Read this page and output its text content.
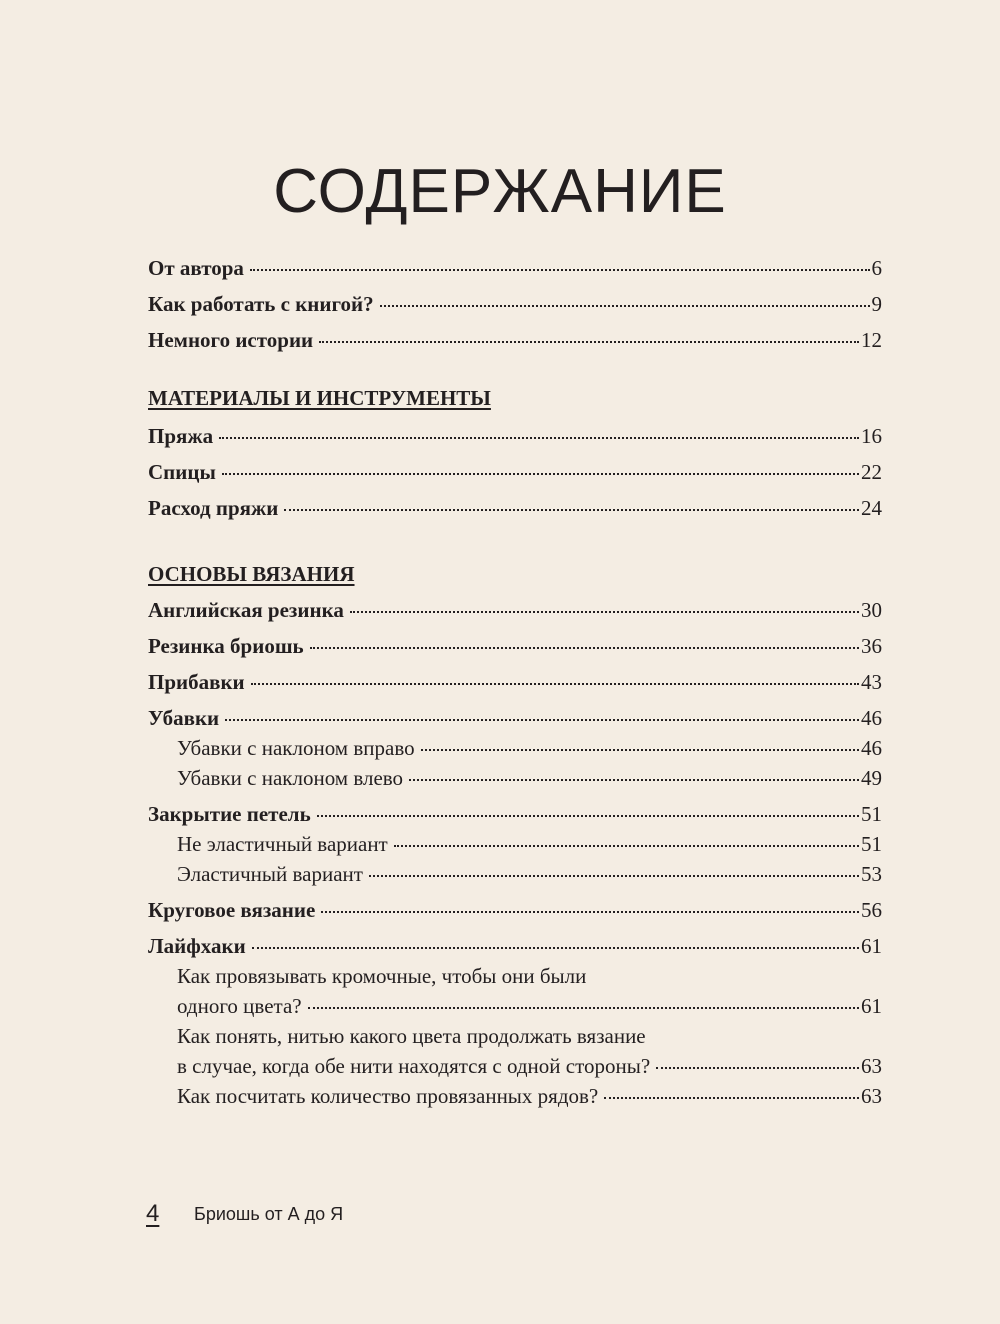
СОДЕРЖАНИЕ
От автора	6
Как работать с книгой?	9
Немного истории	12
МАТЕРИАЛЫ И ИНСТРУМЕНТЫ
Пряжа	16
Спицы	22
Расход пряжи	24
ОСНОВЫ ВЯЗАНИЯ
Английская резинка	30
Резинка бриошь	36
Прибавки	43
Убавки	46
Убавки с наклоном вправо	46
Убавки с наклоном влево	49
Закрытие петель	51
Не эластичный вариант	51
Эластичный вариант	53
Круговое вязание	56
Лайфхаки	61
Как провязывать кромочные, чтобы они были
одного цвета?	61
Как понять, нитью какого цвета продолжать вязание
в случае, когда обе нити находятся с одной стороны?	63
Как посчитать количество провязанных рядов?	63
4 Бриошь от А до Я
